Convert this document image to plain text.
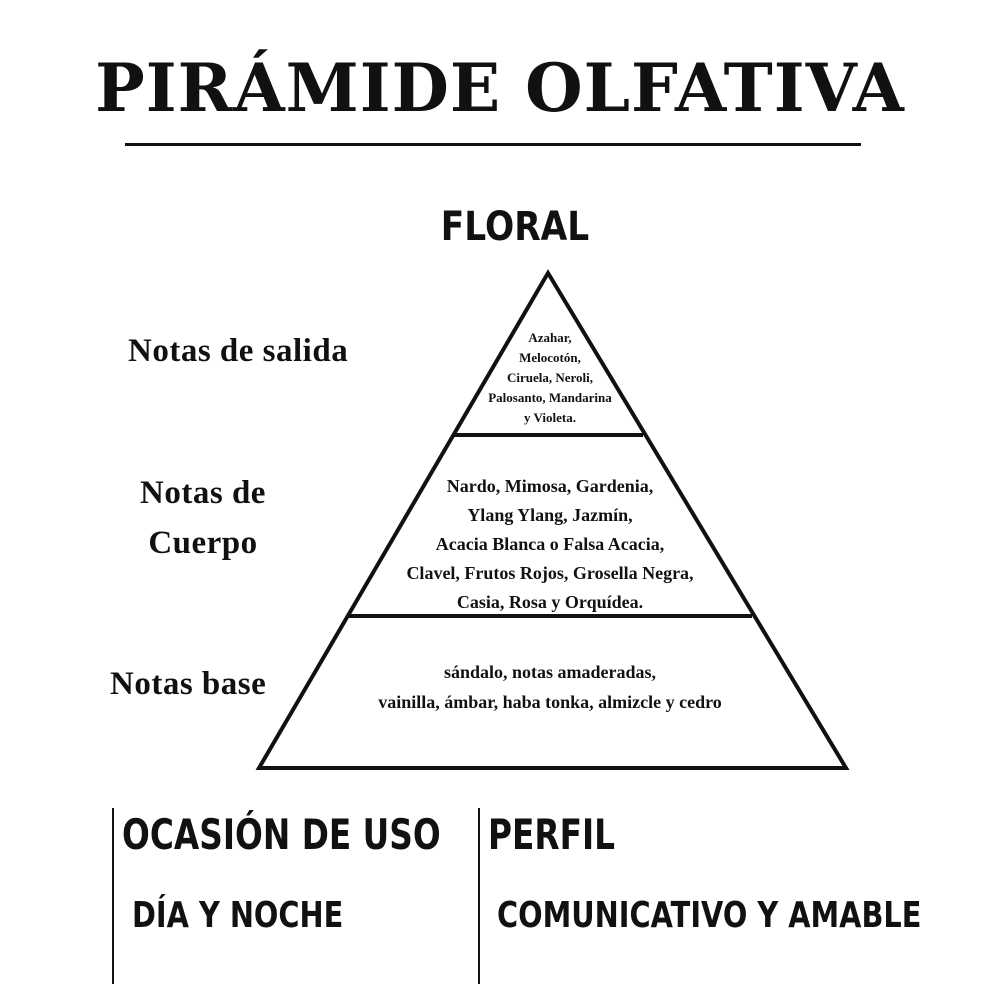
PIRÁMIDE OLFATIVA
FLORAL
Azahar,
Melocotón,
Ciruela, Neroli,
Palosanto, Mandarina
y Violeta.
Nardo, Mimosa, Gardenia,
Ylang Ylang, Jazmín,
Acacia Blanca o Falsa Acacia,
Clavel, Frutos Rojos, Grosella Negra,
Casia, Rosa y Orquídea.
sándalo, notas amaderadas,
vainilla, ámbar, haba tonka, almizcle y cedro
Notas de salida
Notas de
Cuerpo
Notas base
OCASIÓN DE USO
DÍA Y NOCHE
PERFIL
COMUNICATIVO Y AMABLE
